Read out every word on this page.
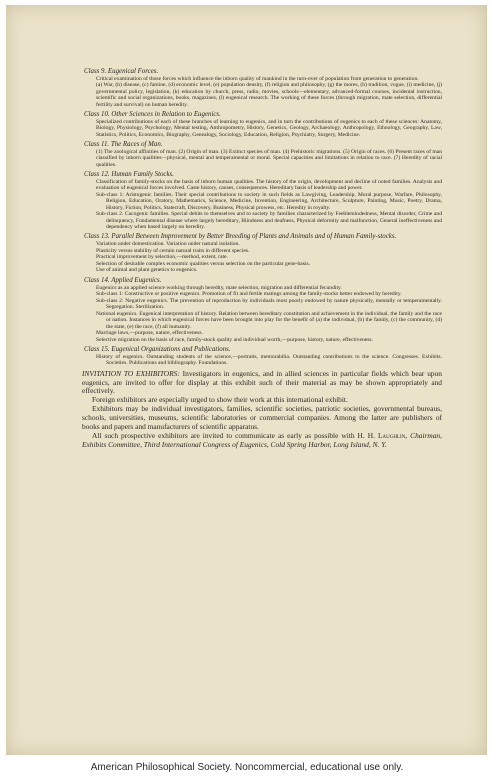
Class 9. Eugenical Forces.

Critical examination of those forces which influence the inborn quality of mankind in the turn-over of population from generation to generation.

(a) War, (b) disease, (c) famine, (d) economic level, (e) population density, (f) religion and philosophy, (g) the mores, (h) tradition, vogue, (i) medicine, (j) governmental policy, legislation, (k) education by church, press, radio, movies, schools—elementary, advanced-formal courses, incidental instruction, scientific and social organizations, books, magazines, (l) eugenical research. The working of these forces (through migration, mate selection, differential fertility and survival) on human heredity.

Class 10. Other Sciences in Relation to Eugenics.

Specialized contributions of each of these branches of learning to eugenics, and in turn the contributions of eugenics to each of these sciences: Anatomy, Biology, Physiology, Psychology, Mental testing, Anthropometry, History, Genetics, Geology, Archaeology, Anthropology, Ethnology, Geography, Law, Statistics, Politics, Economics, Biography, Genealogy, Sociology, Education, Religion, Psychiatry, Surgery, Medicine.

Class 11. The Races of Man.

(1) The zoological affinities of man. (2) Origin of man. (3) Extinct species of man. (4) Prehistoric migrations. (5) Origin of races. (6) Present races of man classified by inborn qualities—physical, mental and temperamental or moral. Special capacities and limitations in relation to race. (7) Heredity of racial qualities.

Class 12. Human Family Stocks.

Classification of family-stocks on the basis of inborn human qualities. The history of the origin, development and decline of noted families. Analysis and evaluation of eugenical forces involved. Caste history, causes, consequences. Hereditary basis of leadership and power.

Sub-class 1: Aristogenic families. Their special contributions to society in such fields as Lawgiving, Leadership, Moral purpose, Warfare, Philosophy, Religion, Education, Oratory, Mathematics, Science, Medicine, Invention, Engineering, Architecture, Sculpture, Painting, Music, Poetry, Drama, History, Fiction, Politics, Statecraft, Discovery, Business, Physical prowess, etc. Heredity in royalty.

Sub-class 2. Cacogenic families. Special debits to themselves and to society by families characterized by Feeblemindedness, Mental disorder, Crime and delinquency, Fundamental disease where largely hereditary, Blindness and deafness, Physical deformity and malfunction, General ineffectiveness and dependency when based largely on heredity.

Class 13. Parallel Between Improvement by Better Breeding of Plants and Animals and of Human Family-stocks.

Variation under domestication. Variation under natural isolation.

Plasticity versus stability of certain natural traits in different species.

Practical improvement by selection,—method, extent, rate.

Selection of desirable complex economic qualities versus selection on the particular gene-basis.

Use of animal and plant genetics to eugenics.

Class 14. Applied Eugenics.

Eugenics as an applied science working through heredity, mate selection, migration and differential fecundity.

Sub-class 1: Constructive or positive eugenics. Promotion of fit and fertile matings among the family-stocks better endowed by heredity.

Sub-class 2: Negative eugenics. The prevention of reproduction by individuals most poorly endowed by nature physically, mentally or temperamentally. Segregation. Sterilization.

National eugenics. Eugenical interpretation of history. Relation between hereditary constitution and achievement in the individual, the family and the race or nation. Instances in which eugenical forces have been brought into play for the benefit of (a) the individual, (b) the family, (c) the community, (d) the state, (e) the race, (f) all humanity.

Marriage laws,—purpose, nature, effectiveness.

Selective migration on the basis of race, family-stock quality and individual worth,—purpose, history, nature, effectiveness.

Class 15. Eugenical Organizations and Publications.

History of eugenics. Outstanding students of the science,—portraits, memorabilia. Outstanding contributions to the science. Congresses. Exhibits. Societies. Publications and bibliography. Foundations.

INVITATION TO EXHIBITORS: Investigators in eugenics, and in allied sciences in particular fields which bear upon eugenics, are invited to offer for display at this exhibit such of their material as may be shown appropriately and effectively.

Foreign exhibitors are especially urged to show their work at this international exhibit.

Exhibitors may be individual investigators, families, scientific societies, patriotic societies, governmental bureaus, schools, universities, museums, scientific laboratories or commercial companies. Among the latter are publishers of books and papers and manufacturers of scientific apparatus.

All such prospective exhibitors are invited to communicate as early as possible with H. H. Laughlin, Chairman, Exhibits Committee, Third International Congress of Eugenics, Cold Spring Harbor, Long Island, N. Y.

American Philosophical Society. Noncommercial, educational use only.
